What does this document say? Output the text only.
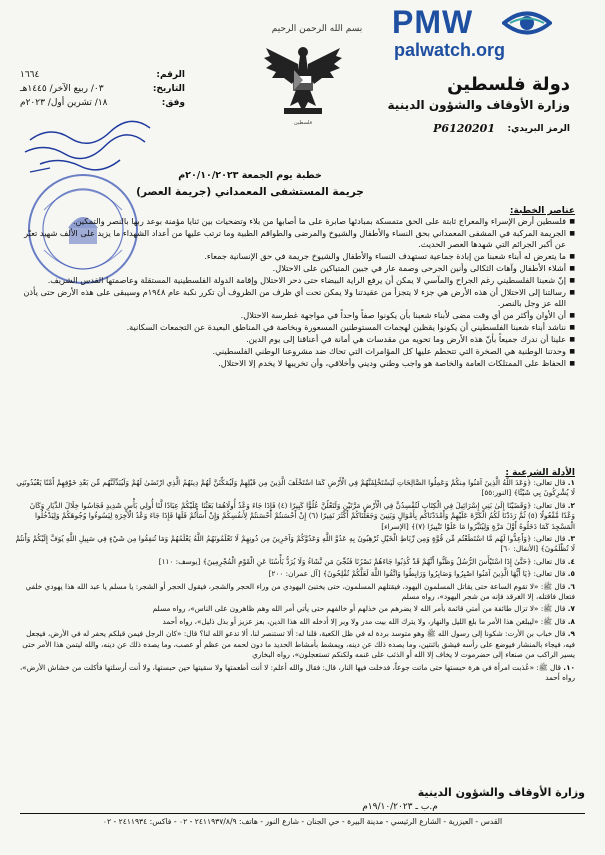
PMW
palwatch.org
بسم الله الرحمن الرحيم
فلسطين
دولة فلسطين
وزارة الأوقاف والشؤون الدينية
الرمز البريدي:
P6120201
الرقم:
١٦٦٤
التاريخ:
٠٣/ ربيع الآخر/ ١٤٤٥هـ
وفق:
١٨/ تشرين أول/ ٢٠٢٣م
خطبة يوم الجمعة ٢٠/١٠/٢٠٢٣م
جريمة المستشفى المعمداني (جريمة العصر)
عناصر الخطبة:
■ فلسطين أرض الإسراء والمعراج ثابتة على الحق متمسكة بمبادئها صابرة على ما أصابها من بلاء وتضحيات بين ثنايا مؤمنة بوعد ربها بالنصر والتمكين.
■ الجريمة المركبة في المشفى المعمداني بحق النساء والأطفال والشيوخ والمرضى والطواقم الطبية وما ترتب عليها من أعداد الشهداء ما يزيد على الألف شهيد تعبّر عن أكبر الجرائم التي شهدها العصر الحديث.
■ ما يتعرض له أبناء شعبنا من إبادة جماعية تستهدف النساء والأطفال والشيوخ جريمة في حق الإنسانية جمعاء.
■ أشلاء الأطفال وآهات الثكالى وأنين الجرحى وصمة عار في جبين المتباكين على الاحتلال.
■ إنّ شعبنا الفلسطيني رغم الجراح والمآسي لا يمكن أن يرفع الراية البيضاء حتى دحر الاحتلال وإقامة الدولة الفلسطينية المستقلة وعاصمتها القدس الشريف.
■ رسالتنا إلى الاحتلال أن هذه الأرض هي جزء لا يتجزأ من عقيدتنا ولا يمكن تحت أي ظرف من الظروف أن تكرر نكبة عام ١٩٤٨م وسيبقى على هذه الأرض حتى يأذن الله عز وجل بالنصر.
■ أن الأوان وأكثر من أي وقت مضى لأبناء شعبنا بأن يكونوا صفاً واحداً في مواجهة غطرسة الاحتلال.
■ نناشد أبناء شعبنا الفلسطيني أن يكونوا يقظين لهجمات المستوطنين المسعورة وبخاصة في المناطق البعيدة عن التجمعات السكانية.
■ علينا أن ندرك جميعاً بأنّ هذه الأرض وما تحويه من مقدسات هي أمانة في أعناقنا إلى يوم الدين.
■ وحدتنا الوطنية هي الصخرة التي تتحطم عليها كل المؤامرات التي تحاك ضد مشروعنا الوطني الفلسطيني.
■ الحفاظ على الممتلكات العامة والخاصة هو واجب وطني وديني وأخلاقي، وأن تخريبها لا يخدم إلا الاحتلال.
الأدلة الشرعية :
١. قال تعالى: ﴿وَعَدَ اللَّهُ الَّذِينَ آمَنُوا مِنكُمْ وَعَمِلُوا الصَّالِحَاتِ لَيَسْتَخْلِفَنَّهُمْ فِي الْأَرْضِ كَمَا اسْتَخْلَفَ الَّذِينَ مِن قَبْلِهِمْ وَلَيُمَكِّنَنَّ لَهُمْ دِينَهُمُ الَّذِي ارْتَضَىٰ لَهُمْ وَلَيُبَدِّلَنَّهُم مِّن بَعْدِ خَوْفِهِمْ أَمْنًا يَعْبُدُونَنِي لَا يُشْرِكُونَ بِي شَيْئًا﴾ [النور:٥٥]
٢. قال تعالى: ﴿وَقَضَيْنَا إِلَىٰ بَنِي إِسْرَائِيلَ فِي الْكِتَابِ لَتُفْسِدُنَّ فِي الْأَرْضِ مَرَّتَيْنِ وَلَتَعْلُنَّ عُلُوًّا كَبِيرًا (٤) فَإِذَا جَاءَ وَعْدُ أُولَاهُمَا بَعَثْنَا عَلَيْكُمْ عِبَادًا لَّنَا أُولِي بَأْسٍ شَدِيدٍ فَجَاسُوا خِلَالَ الدِّيَارِ وَكَانَ وَعْدًا مَّفْعُولًا (٥) ثُمَّ رَدَدْنَا لَكُمُ الْكَرَّةَ عَلَيْهِمْ وَأَمْدَدْنَاكُم بِأَمْوَالٍ وَبَنِينَ وَجَعَلْنَاكُمْ أَكْثَرَ نَفِيرًا (٦) إِنْ أَحْسَنتُمْ أَحْسَنتُمْ لِأَنفُسِكُمْ وَإِنْ أَسَأْتُمْ فَلَهَا فَإِذَا جَاءَ وَعْدُ الْآخِرَةِ لِيَسُوءُوا وُجُوهَكُمْ وَلِيَدْخُلُوا الْمَسْجِدَ كَمَا دَخَلُوهُ أَوَّلَ مَرَّةٍ وَلِيُتَبِّرُوا مَا عَلَوْا تَتْبِيرًا (٧)﴾ [الإسراء]
٣. قال تعالى: ﴿وَأَعِدُّوا لَهُم مَّا اسْتَطَعْتُم مِّن قُوَّةٍ وَمِن رِّبَاطِ الْخَيْلِ تُرْهِبُونَ بِهِ عَدُوَّ اللَّهِ وَعَدُوَّكُمْ وَآخَرِينَ مِن دُونِهِمْ لَا تَعْلَمُونَهُمُ اللَّهُ يَعْلَمُهُمْ وَمَا تُنفِقُوا مِن شَيْءٍ فِي سَبِيلِ اللَّهِ يُوَفَّ إِلَيْكُمْ وَأَنتُمْ لَا تُظْلَمُونَ﴾ [الأنفال: ٦٠]
٤. قال تعالى: ﴿حَتَّىٰ إِذَا اسْتَيْأَسَ الرُّسُلُ وَظَنُّوا أَنَّهُمْ قَدْ كُذِبُوا جَاءَهُمْ نَصْرُنَا فَنُجِّيَ مَن نَّشَاءُ وَلَا يُرَدُّ بَأْسُنَا عَنِ الْقَوْمِ الْمُجْرِمِينَ﴾ [يوسف: ١١٠]
٥. قال تعالى: ﴿يَا أَيُّهَا الَّذِينَ آمَنُوا اصْبِرُوا وَصَابِرُوا وَرَابِطُوا وَاتَّقُوا اللَّهَ لَعَلَّكُمْ تُفْلِحُونَ﴾ [آل عمران: ٢٠٠]
٦. قال ﷺ: «لا تقوم الساعة حتى يقاتل المسلمون اليهود، فيقتلهم المسلمون، حتى يختبئ اليهودي من وراء الحجر والشجر، فيقول الحجر أو الشجر: يا مسلم يا عبد الله هذا يهودي خلفي فتعال فاقتله، إلا الغرقد فإنه من شجر اليهود»، رواه مسلم
٧. قال ﷺ: «لا تزال طائفة من أمتي قائمة بأمر الله لا يضرهم من خذلهم أو خالفهم حتى يأتي أمر الله وهم ظاهرون على الناس»، رواه مسلم
٨. قال ﷺ: «ليبلغن هذا الأمر ما بلغ الليل والنهار، ولا يترك الله بيت مدر ولا وبر إلا أدخله الله هذا الدين، بعز عزيز أو بذل ذليل»، رواه أحمد
٩. قال خباب بن الأرت: شكونا إلى رسول الله ﷺ وهو متوسد بردة له في ظل الكعبة، قلنا له: ألا تستنصر لنا، ألا تدعو الله لنا؟ قال: «كان الرجل فيمن قبلكم يحفر له في الأرض، فيجعل فيه، فيجاء بالمنشار فيوضع على رأسه فيشق باثنتين، وما يصده ذلك عن دينه، ويمشط بأمشاط الحديد ما دون لحمه من عظم أو عصب، وما يصده ذلك عن دينه، والله ليتمن هذا الأمر حتى يسير الراكب من صنعاء إلى حضرموت لا يخاف إلا الله أو الذئب على غنمه ولكنكم تستعجلون»، رواه البخاري
١٠. قال ﷺ: «عُذبت امرأة في هرة حبستها حتى ماتت جوعاً، فدخلت فيها النار، قال: فقال والله أعلم: لا أنت أطعمتها ولا سقيتها حين حبستها، ولا أنت أرسلتها فأكلت من خشاش الأرض»، رواه أحمد
وزارة الأوقاف والشؤون الدينية
م.ب ـ ١٩/١٠/٢٠٢٣م
القدس - العيزرية - الشارع الرئيسي - مدينة البيرة - حي الجنان - شارع النور - هاتف: ٢٤١١٩٣٧/٨/٩ - ٠٢ - فاكس: ٢٤١١٩٣٤ - ٠٢
